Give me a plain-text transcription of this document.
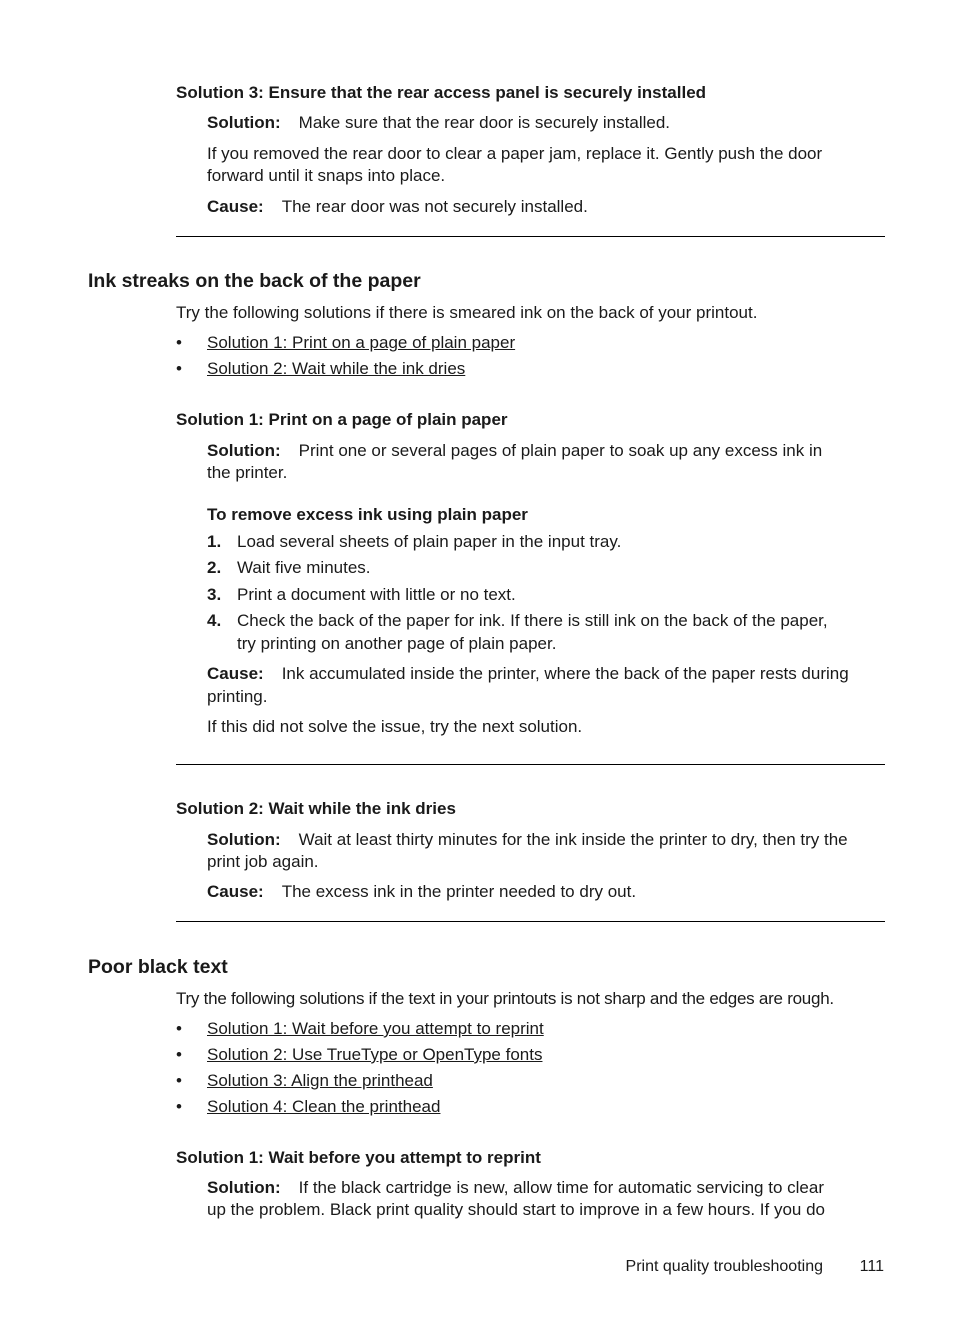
Solution 3: Ensure that the rear access panel is securely installed
Solution: Make sure that the rear door is securely installed.
If you removed the rear door to clear a paper jam, replace it. Gently push the door
forward until it snaps into place.
Cause: The rear door was not securely installed.
Ink streaks on the back of the paper
Try the following solutions if there is smeared ink on the back of your printout.
• Solution 1: Print on a page of plain paper
• Solution 2: Wait while the ink dries
Solution 1: Print on a page of plain paper
Solution: Print one or several pages of plain paper to soak up any excess ink in
the printer.
To remove excess ink using plain paper
1. Load several sheets of plain paper in the input tray.
2. Wait five minutes.
3. Print a document with little or no text.
4. Check the back of the paper for ink. If there is still ink on the back of the paper,
try printing on another page of plain paper.
Cause: Ink accumulated inside the printer, where the back of the paper rests during
printing.
If this did not solve the issue, try the next solution.
Solution 2: Wait while the ink dries
Solution: Wait at least thirty minutes for the ink inside the printer to dry, then try the
print job again.
Cause: The excess ink in the printer needed to dry out.
Poor black text
Try the following solutions if the text in your printouts is not sharp and the edges are rough.
• Solution 1: Wait before you attempt to reprint
• Solution 2: Use TrueType or OpenType fonts
• Solution 3: Align the printhead
• Solution 4: Clean the printhead
Solution 1: Wait before you attempt to reprint
Solution: If the black cartridge is new, allow time for automatic servicing to clear
up the problem. Black print quality should start to improve in a few hours. If you do
Print quality troubleshooting 111
